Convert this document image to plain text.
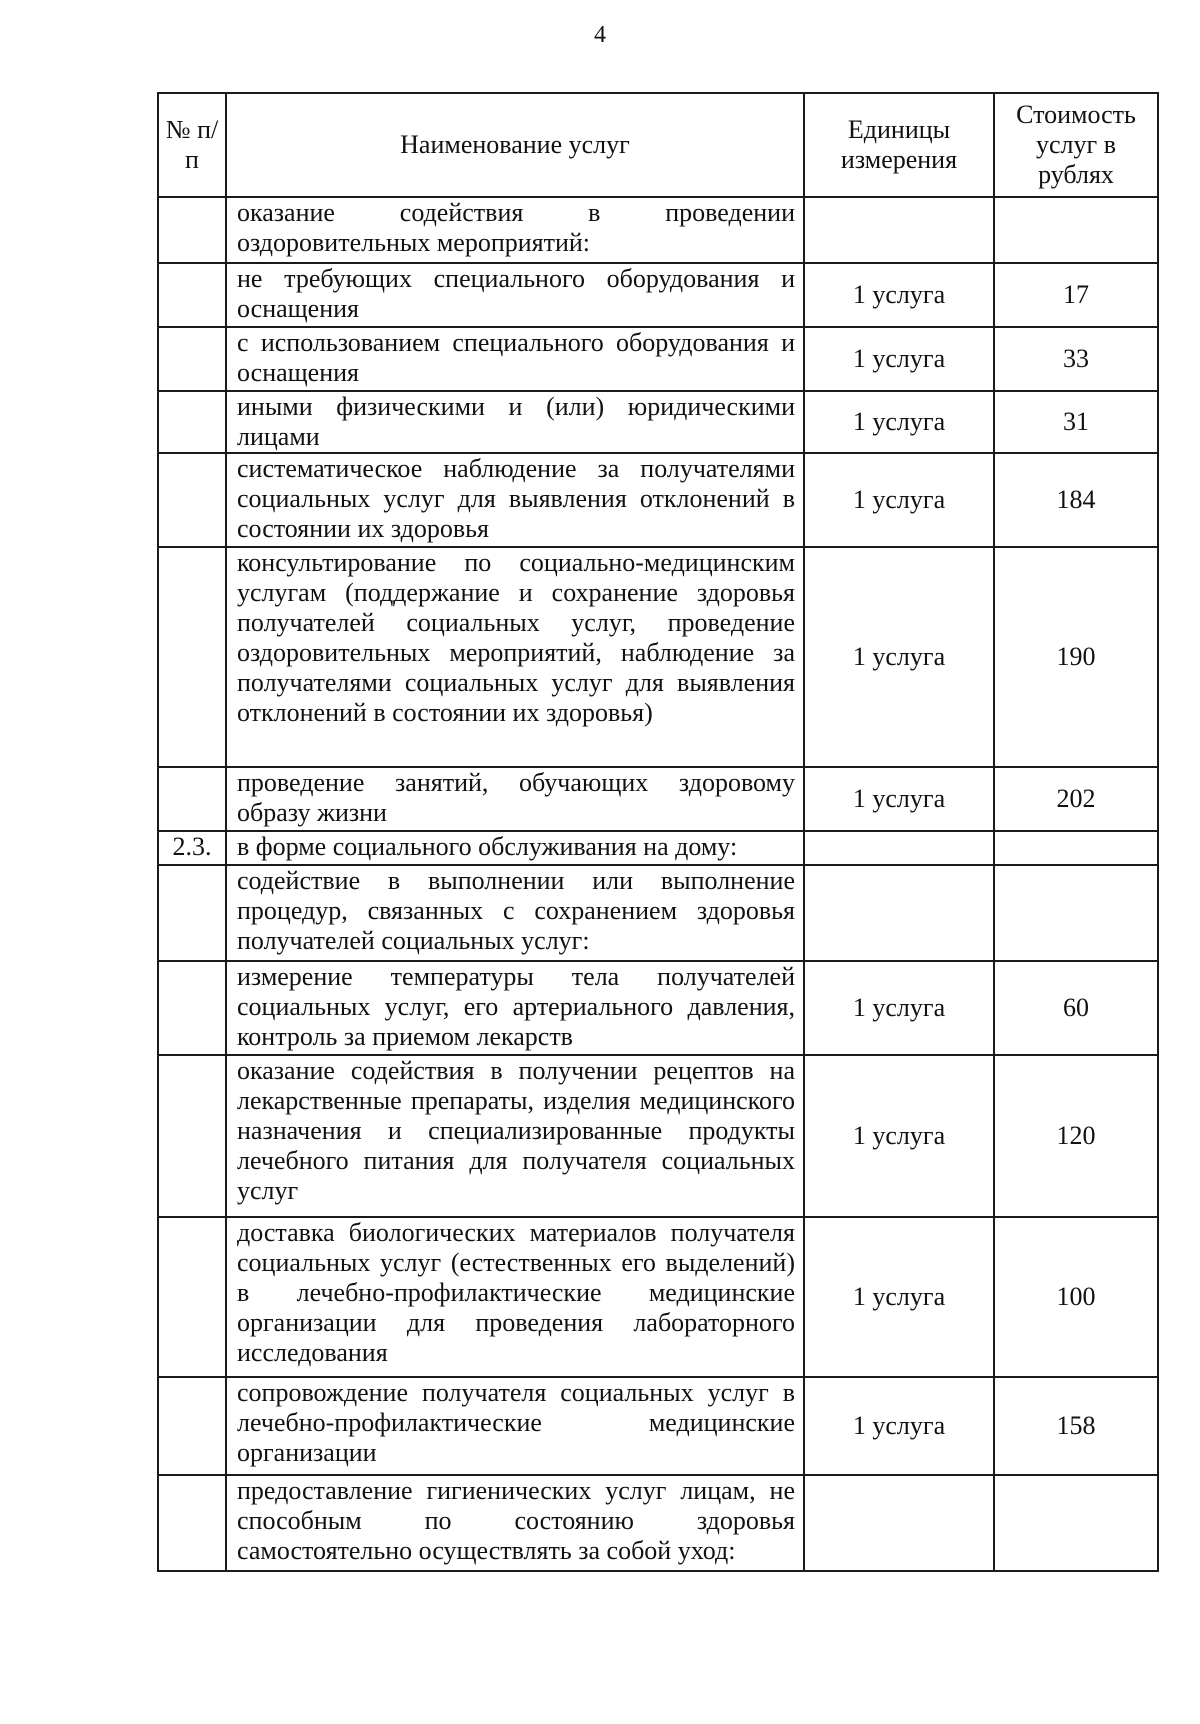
4
№ п/п	Наименование услуг	Единицы измерения	Стоимость услуг в рублях
	оказание содействия в проведении оздоровительных мероприятий:		
	не требующих специального оборудования и оснащения	1 услуга	17
	с использованием специального оборудования и оснащения	1 услуга	33
	иными физическими и (или) юридическими лицами	1 услуга	31
	систематическое наблюдение за получателями социальных услуг для выявления отклонений в состоянии их здоровья	1 услуга	184
	консультирование по социально-медицинским услугам (поддержание и сохранение здоровья получателей социальных услуг, проведение оздоровительных мероприятий, наблюдение за получателями социальных услуг для выявления отклонений в состоянии их здоровья)	1 услуга	190
	проведение занятий, обучающих здоровому образу жизни	1 услуга	202
2.3.	в форме социального обслуживания на дому:		
	содействие в выполнении или выполнение процедур, связанных с сохранением здоровья получателей социальных услуг:		
	измерение температуры тела получателей социальных услуг, его артериального давления, контроль за приемом лекарств	1 услуга	60
	оказание содействия в получении рецептов на лекарственные препараты, изделия медицинского назначения и специализированные продукты лечебного питания для получателя социальных услуг	1 услуга	120
	доставка биологических материалов получателя социальных услуг (естественных его выделений) в лечебно-профилактические медицинские организации для проведения лабораторного исследования	1 услуга	100
	сопровождение получателя социальных услуг в лечебно-профилактические медицинские организации	1 услуга	158
	предоставление гигиенических услуг лицам, не способным по состоянию здоровья самостоятельно осуществлять за собой уход:		
